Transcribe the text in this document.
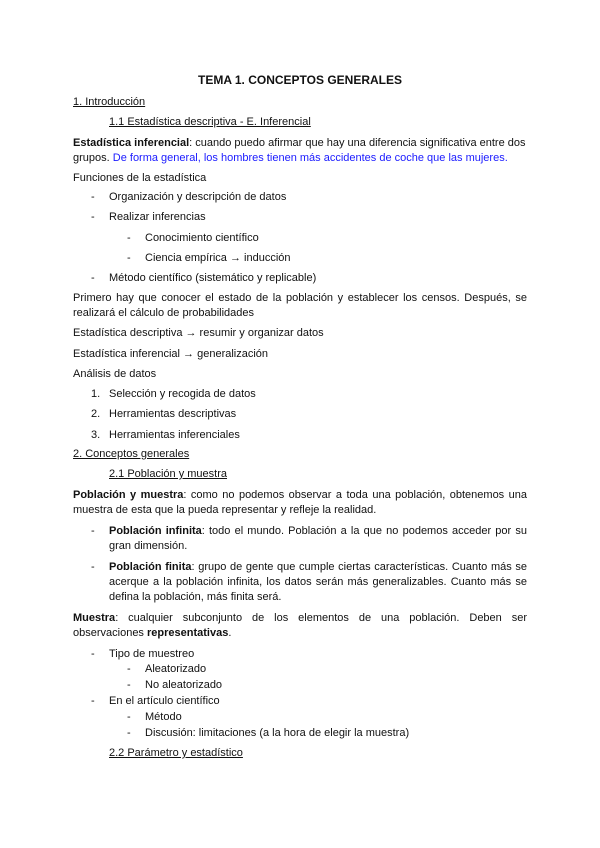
TEMA 1. CONCEPTOS GENERALES
1. Introducción
1.1 Estadística descriptiva - E. Inferencial
Estadística inferencial: cuando puedo afirmar que hay una diferencia significativa entre dos
grupos. De forma general, los hombres tienen más accidentes de coche que las mujeres.
Funciones de la estadística
- Organización y descripción de datos
- Realizar inferencias
- Conocimiento científico
- Ciencia empírica → inducción
- Método científico (sistemático y replicable)
Primero hay que conocer el estado de la población y establecer los censos. Después, se
realizará el cálculo de probabilidades
Estadística descriptiva → resumir y organizar datos
Estadística inferencial → generalización
Análisis de datos
1. Selección y recogida de datos
2. Herramientas descriptivas
3. Herramientas inferenciales
2. Conceptos generales
2.1 Población y muestra
Población y muestra: como no podemos observar a toda una población, obtenemos una
muestra de esta que la pueda representar y refleje la realidad.
- Población infinita: todo el mundo. Población a la que no podemos acceder por su
gran dimensión.
- Población finita: grupo de gente que cumple ciertas características. Cuanto más se
acerque a la población infinita, los datos serán más generalizables. Cuanto más se
defina la población, más finita será.
Muestra: cualquier subconjunto de los elementos de una población. Deben ser
observaciones representativas.
- Tipo de muestreo
- Aleatorizado
- No aleatorizado
- En el artículo científico
- Método
- Discusión: limitaciones (a la hora de elegir la muestra)
2.2 Parámetro y estadístico
